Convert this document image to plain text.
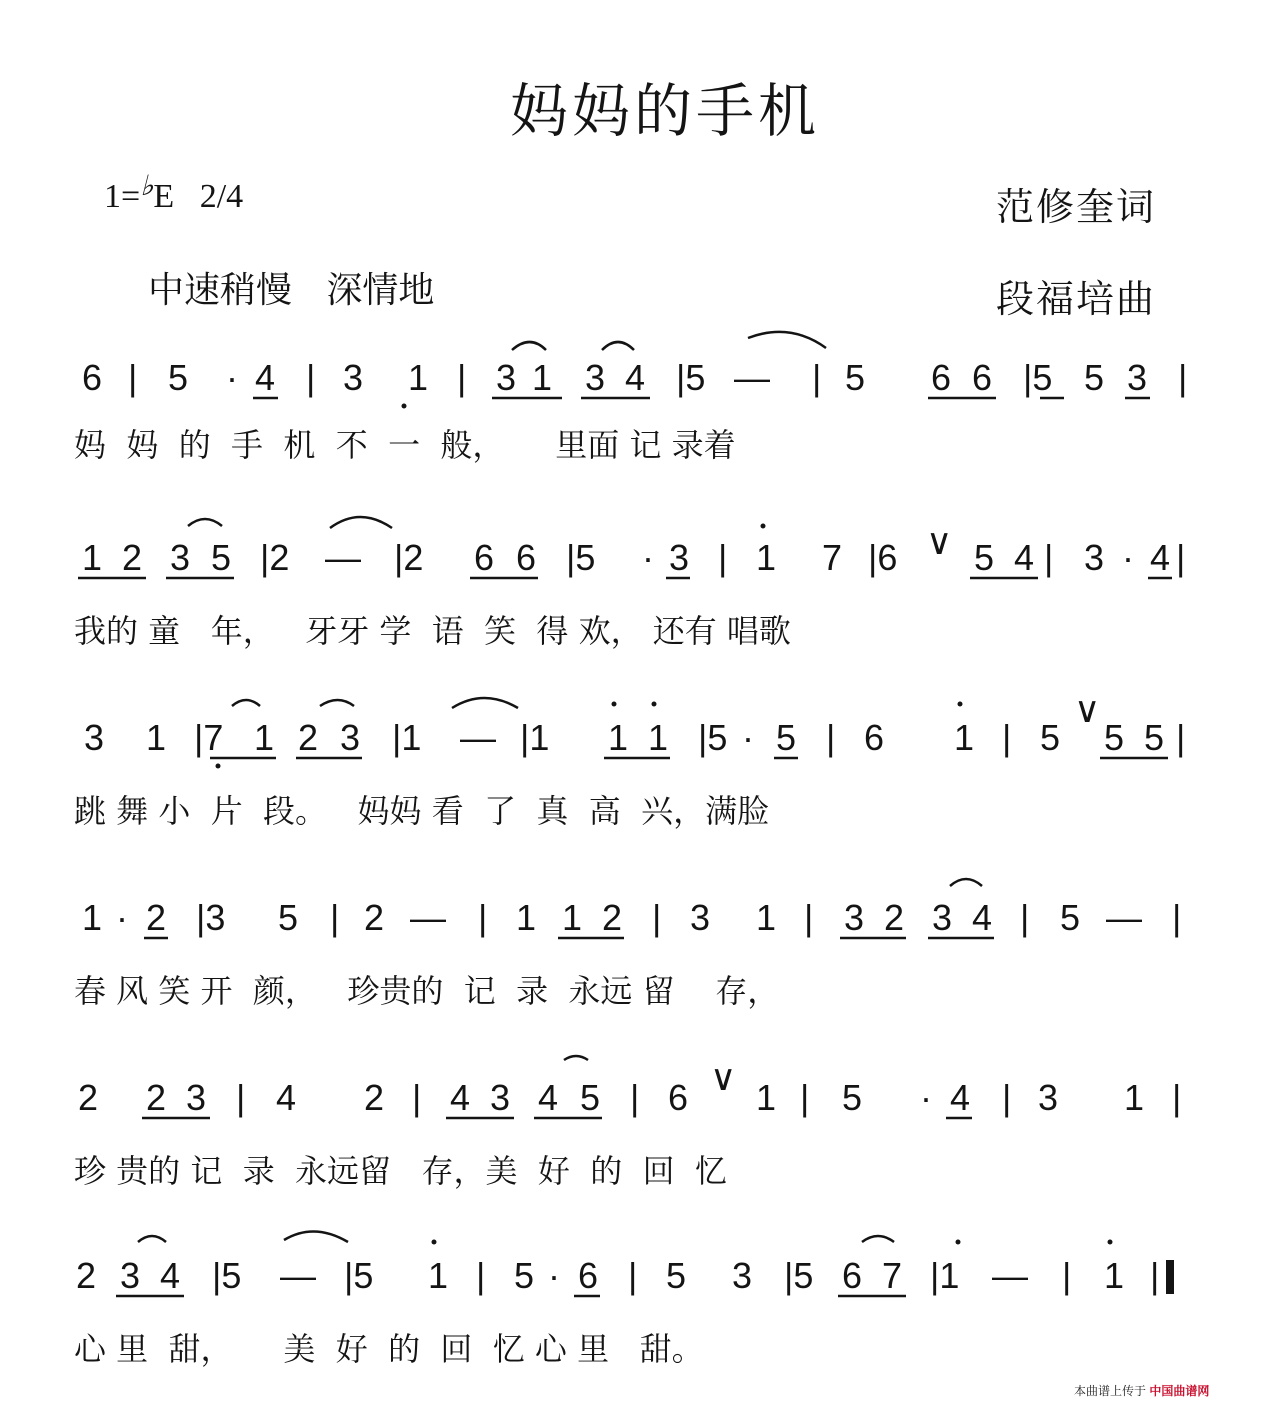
妈妈的手机
1=♭E 2/4
中速稍慢   深情地
范修奎词
段福培曲
6 | 5 · 4 | 3 1 | 3 1 3 4 |5 — | 5 6 6 |5 5 3 |
妈  妈  的  手  机  不  一  般，     里面 记 录着
1 2 3 5 |2 — |2 6 6 |5 · 3 | 1 7 |6 ∨ 5 4 | 3 · 4 |
我的 童   年，   牙牙 学  语  笑  得 欢， 还有 唱歌
3 1 |7 1 2 3 |1 — |1 1 1 |5 · 5 | 6 1 | 5
∨
5 5 |
跳 舞 小  片  段。   妈妈 看  了  真  高  兴，满脸
1 · 2 |3 5 | 2 — | 1 1 2 | 3 1 | 3 2 3 4 | 5 — |
春 风 笑 开  颜，   珍贵的  记  录  永远 留    存，
2 2 3 | 4 2 | 4 3 4 5 | 6 ∨ 1 | 5 · 4 | 3 1 |
珍 贵的 记  录  永远留   存，美  好  的  回  忆
2 3 4 |5 — |5 1 | 5 · 6 | 5 3 |5 6 7 |1 — | 1 |
心 里  甜，     美  好  的  回  忆 心 里   甜。
本曲谱上传于 中国曲谱网
